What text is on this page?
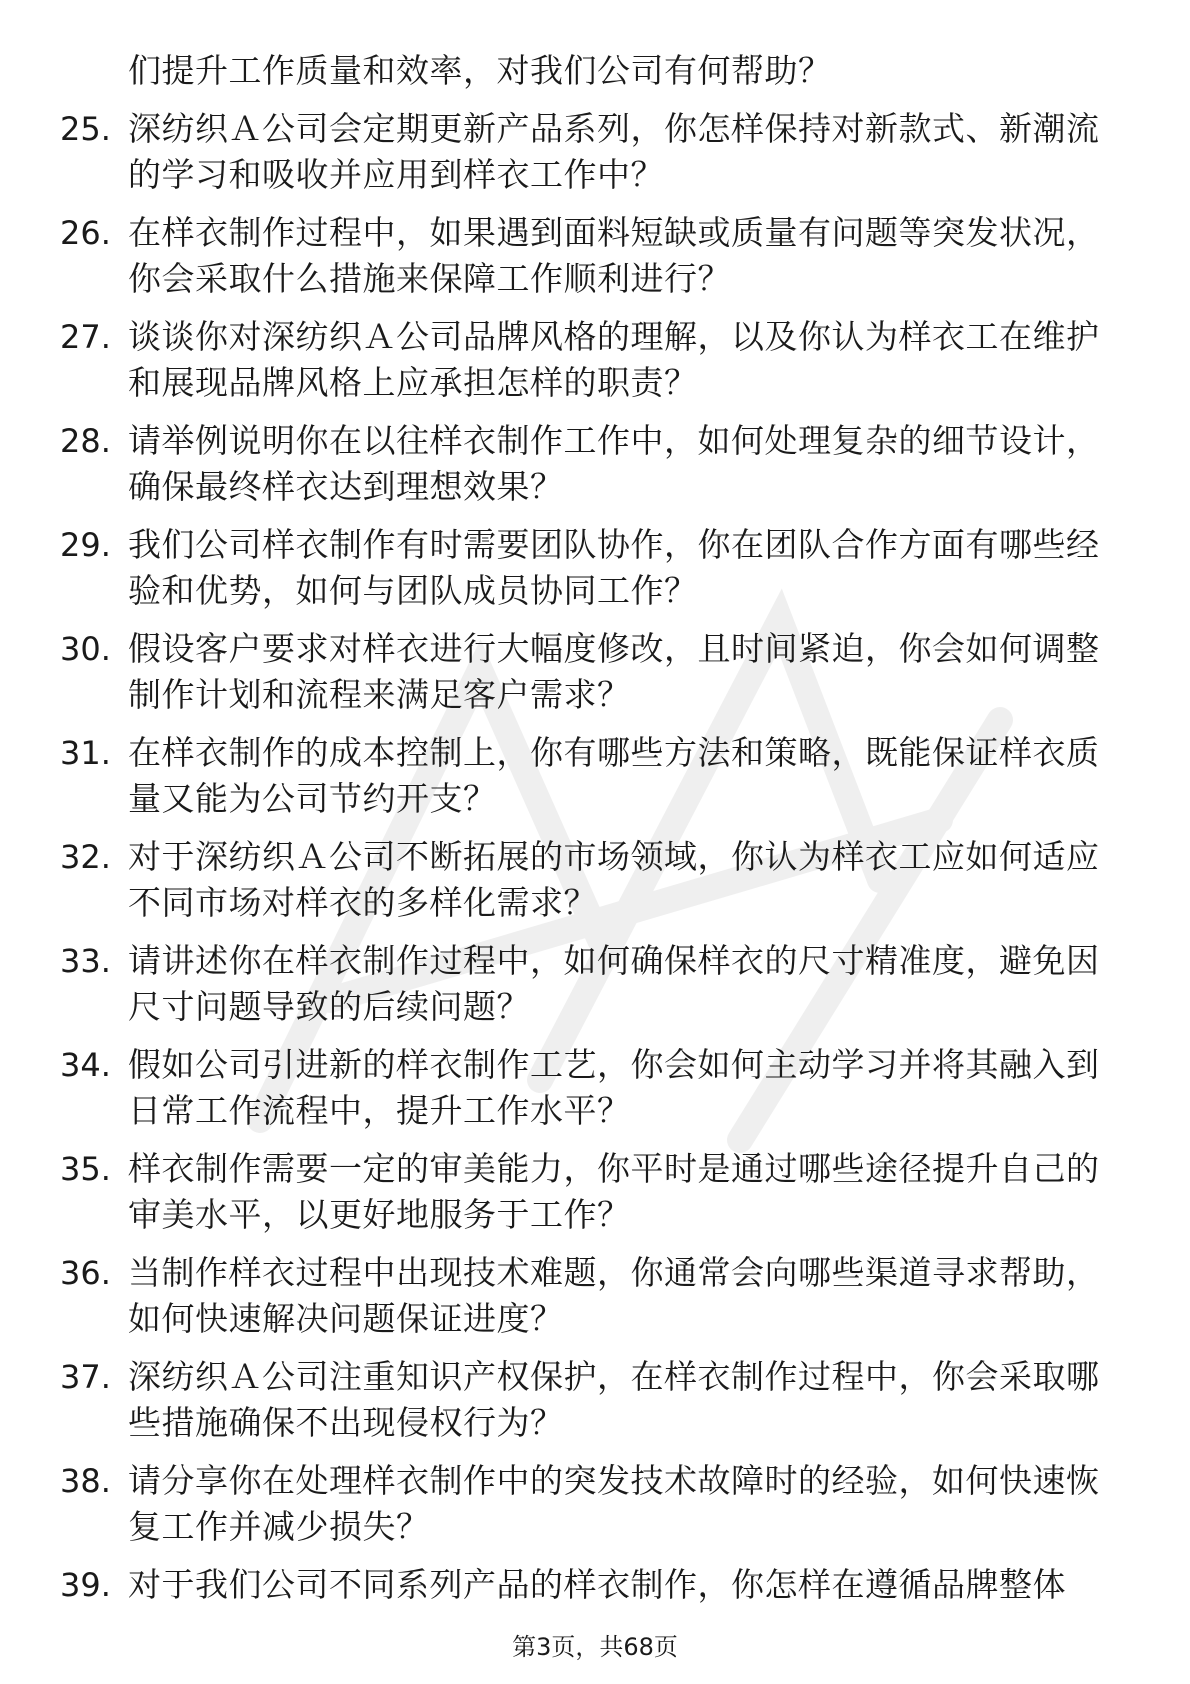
们提升工作质量和效率，对我们公司有何帮助？

25. 深纺织Ａ公司会定期更新产品系列，你怎样保持对新款式、新潮流的学习和吸收并应用到样衣工作中？
26. 在样衣制作过程中，如果遇到面料短缺或质量有问题等突发状况，你会采取什么措施来保障工作顺利进行？
27. 谈谈你对深纺织Ａ公司品牌风格的理解，以及你认为样衣工在维护和展现品牌风格上应承担怎样的职责？
28. 请举例说明你在以往样衣制作工作中，如何处理复杂的细节设计，确保最终样衣达到理想效果？
29. 我们公司样衣制作有时需要团队协作，你在团队合作方面有哪些经验和优势，如何与团队成员协同工作？
30. 假设客户要求对样衣进行大幅度修改，且时间紧迫，你会如何调整制作计划和流程来满足客户需求？
31. 在样衣制作的成本控制上，你有哪些方法和策略，既能保证样衣质量又能为公司节约开支？
32. 对于深纺织Ａ公司不断拓展的市场领域，你认为样衣工应如何适应不同市场对样衣的多样化需求？
33. 请讲述你在样衣制作过程中，如何确保样衣的尺寸精准度，避免因尺寸问题导致的后续问题？
34. 假如公司引进新的样衣制作工艺，你会如何主动学习并将其融入到日常工作流程中，提升工作水平？
35. 样衣制作需要一定的审美能力，你平时是通过哪些途径提升自己的审美水平，以更好地服务于工作？
36. 当制作样衣过程中出现技术难题，你通常会向哪些渠道寻求帮助，如何快速解决问题保证进度？
37. 深纺织Ａ公司注重知识产权保护，在样衣制作过程中，你会采取哪些措施确保不出现侵权行为？
38. 请分享你在处理样衣制作中的突发技术故障时的经验，如何快速恢复工作并减少损失？
39. 对于我们公司不同系列产品的样衣制作，你怎样在遵循品牌整体
第3页，共68页
